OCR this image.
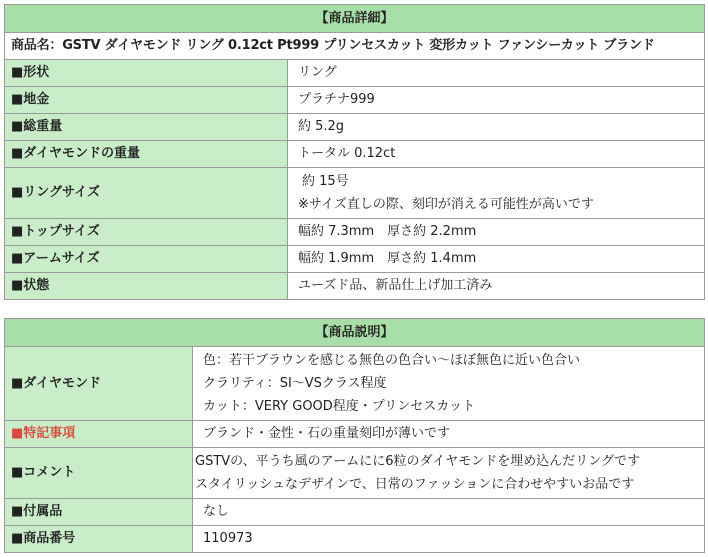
【商品詳細】	
商品名：GSTV ダイヤモンド リング 0.12ct Pt999 プリンセスカット 変形カット ファンシーカット ブランド	
■形状	リング

■地金	プラチナ999

■総重量	約 5.2g

■ダイヤモンドの重量	トータル 0.12ct

■リングサイズ	約 15号
※サイズ直しの際、刻印が消える可能性が高いです

■トップサイズ	幅約 7.3mm　厚さ約 2.2mm

■アームサイズ	幅約 1.9mm　厚さ約 1.4mm

■状態	ユーズド品、新品仕上げ加工済み
【商品説明】	
■ダイヤモンド	色：若干ブラウンを感じる無色の色合い～ほぼ無色に近い色合い
クラリティ：SI～VSクラス程度
カット：VERY GOOD程度・プリンセスカット

■特記事項	ブランド・金性・石の重量刻印が薄いです

■コメント	GSTVの、平うち風のアームにに6粒のダイヤモンドを埋め込んだリングです
スタイリッシュなデザインで、日常のファッションに合わせやすいお品です

■付属品	なし

■商品番号	110973
